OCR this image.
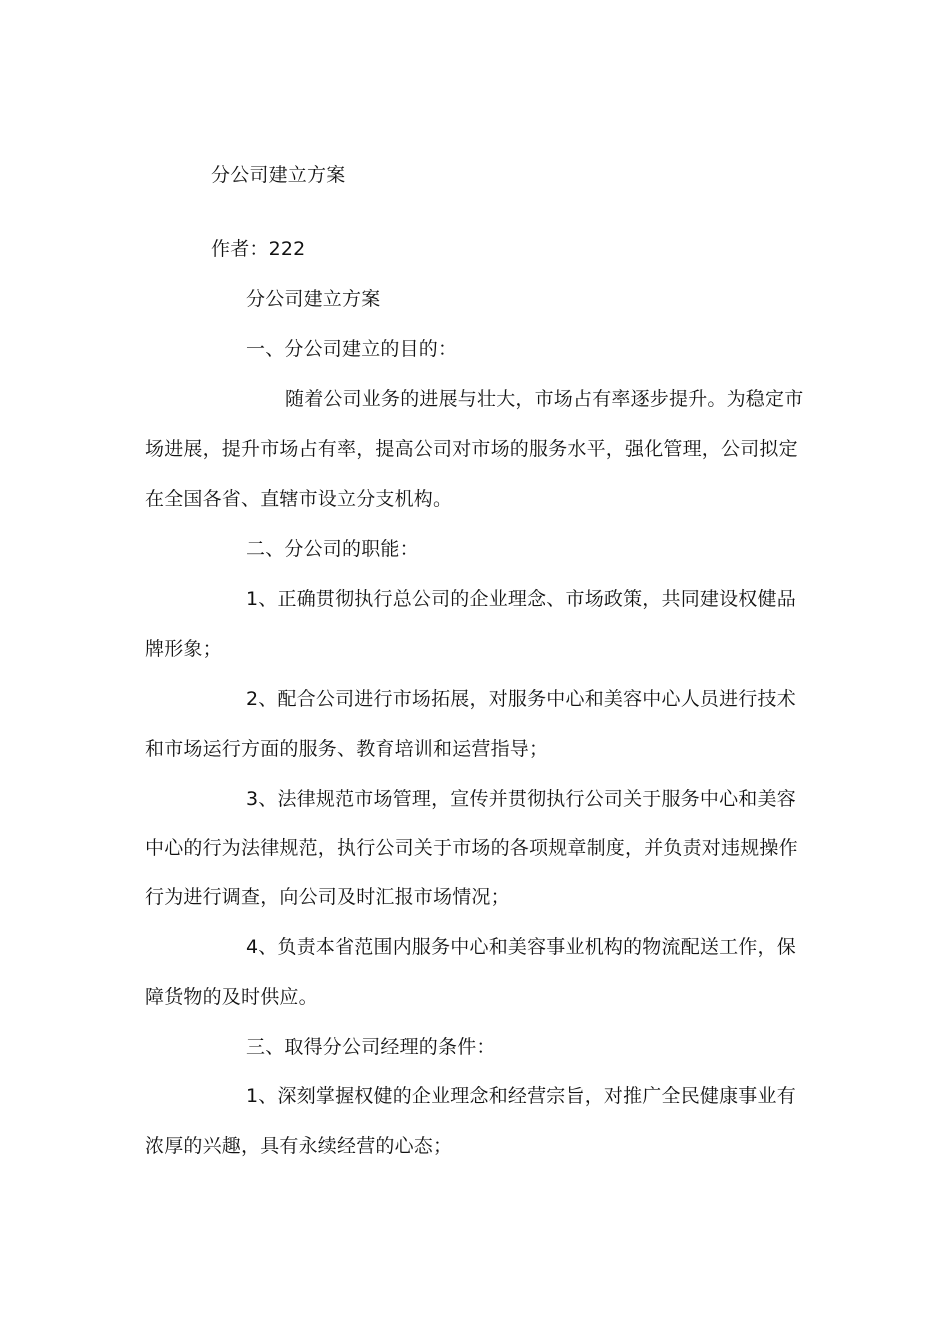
分公司建立方案
作者：222
分公司建立方案
一、分公司建立的目的：
随着公司业务的进展与壮大，市场占有率逐步提升。为稳定市
场进展，提升市场占有率，提高公司对市场的服务水平，强化管理，公司拟定
在全国各省、直辖市设立分支机构。
二、分公司的职能：
1、正确贯彻执行总公司的企业理念、市场政策，共同建设权健品
牌形象；
2、配合公司进行市场拓展，对服务中心和美容中心人员进行技术
和市场运行方面的服务、教育培训和运营指导；
3、法律规范市场管理，宣传并贯彻执行公司关于服务中心和美容
中心的行为法律规范，执行公司关于市场的各项规章制度，并负责对违规操作
行为进行调查，向公司及时汇报市场情况；
4、负责本省范围内服务中心和美容事业机构的物流配送工作，保
障货物的及时供应。
三、取得分公司经理的条件：
1、深刻掌握权健的企业理念和经营宗旨，对推广全民健康事业有
浓厚的兴趣，具有永续经营的心态；
